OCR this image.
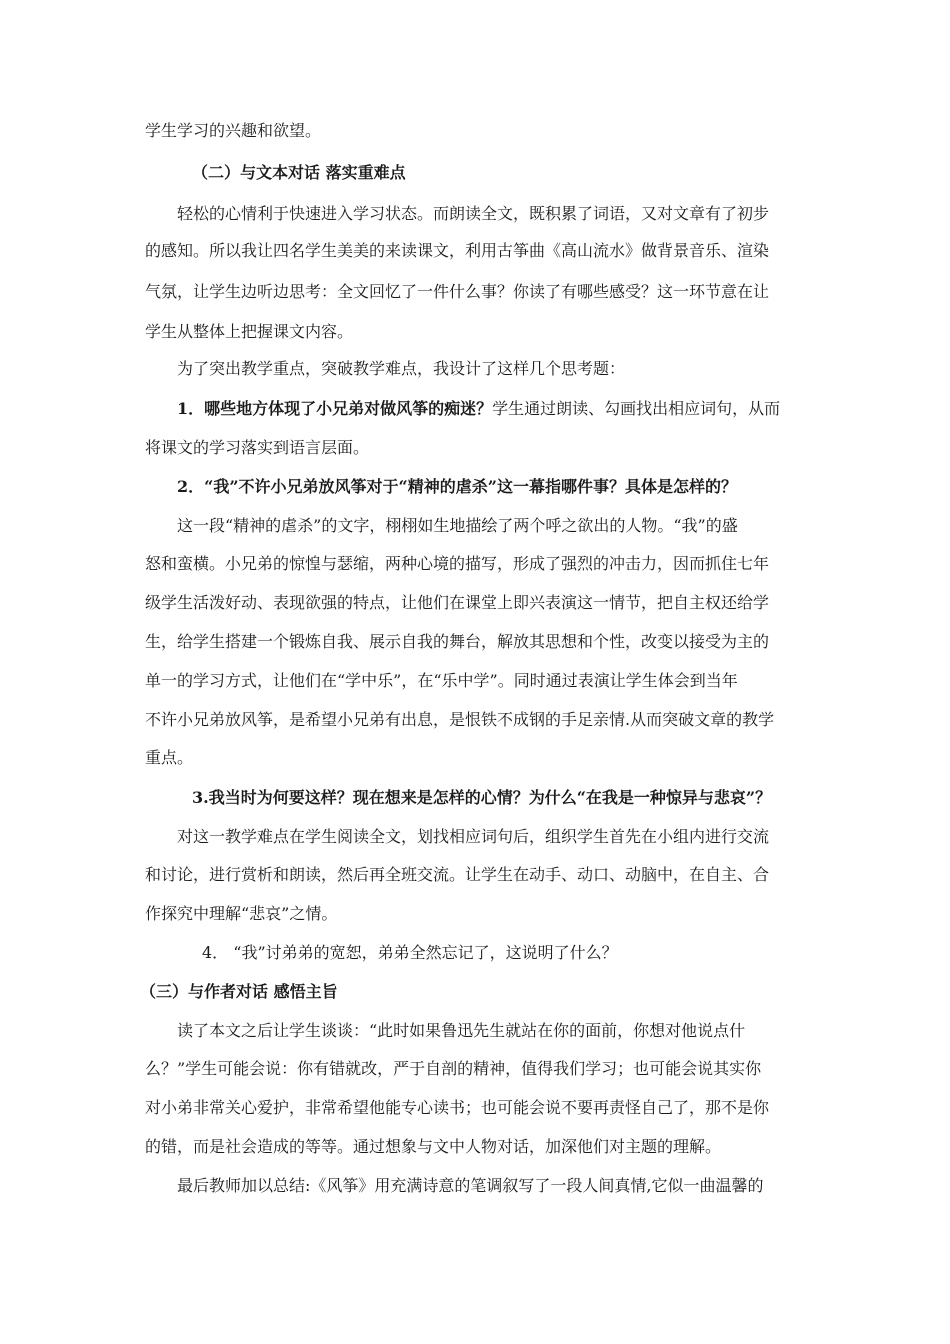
学生学习的兴趣和欲望。
（二）与文本对话 落实重难点
轻松的心情利于快速进入学习状态。而朗读全文，既积累了词语，又对文章有了初步
的感知。所以我让四名学生美美的来读课文，利用古筝曲《高山流水》做背景音乐、渲染
气氛，让学生边听边思考：全文回忆了一件什么事？你读了有哪些感受？这一环节意在让
学生从整体上把握课文内容。
为了突出教学重点，突破教学难点，我设计了这样几个思考题：
1．哪些地方体现了小兄弟对做风筝的痴迷？学生通过朗读、勾画找出相应词句，从而
将课文的学习落实到语言层面。
2．“我”不许小兄弟放风筝对于“精神的虐杀”这一幕指哪件事？具体是怎样的？
这一段“精神的虐杀”的文字，栩栩如生地描绘了两个呼之欲出的人物。“我”的盛
怒和蛮横。小兄弟的惊惶与瑟缩，两种心境的描写，形成了强烈的冲击力，因而抓住七年
级学生活泼好动、表现欲强的特点，让他们在课堂上即兴表演这一情节，把自主权还给学
生，给学生搭建一个锻炼自我、展示自我的舞台，解放其思想和个性，改变以接受为主的
单一的学习方式，让他们在“学中乐”，在“乐中学”。同时通过表演让学生体会到当年
不许小兄弟放风筝，是希望小兄弟有出息，是恨铁不成钢的手足亲情.从而突破文章的教学
重点。
3.我当时为何要这样？现在想来是怎样的心情？为什么“在我是一种惊异与悲哀”？
对这一教学难点在学生阅读全文，划找相应词句后，组织学生首先在小组内进行交流
和讨论，进行赏析和朗读，然后再全班交流。让学生在动手、动口、动脑中，在自主、合
作探究中理解“悲哀”之情。
4． “我”讨弟弟的宽恕，弟弟全然忘记了，这说明了什么？
（三）与作者对话 感悟主旨
读了本文之后让学生谈谈：“此时如果鲁迅先生就站在你的面前，你想对他说点什
么？”学生可能会说：你有错就改，严于自剖的精神，值得我们学习；也可能会说其实你
对小弟非常关心爱护，非常希望他能专心读书；也可能会说不要再责怪自己了，那不是你
的错，而是社会造成的等等。通过想象与文中人物对话，加深他们对主题的理解。
最后教师加以总结:《风筝》用充满诗意的笔调叙写了一段人间真情,它似一曲温馨的
